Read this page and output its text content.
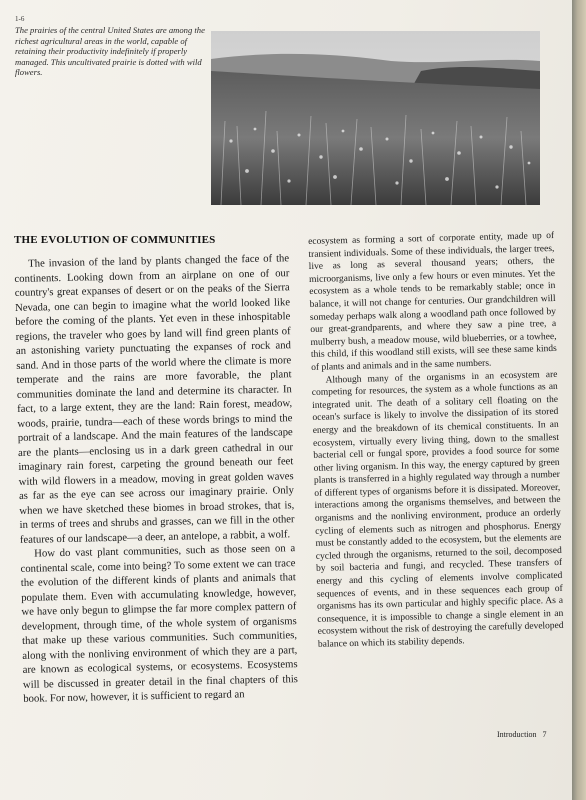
1-6
The prairies of the central United States are among the richest agricultural areas in the world, capable of retaining their productivity indefinitely if properly managed. This uncultivated prairie is dotted with wild flowers.
THE EVOLUTION OF COMMUNITIES

The invasion of the land by plants changed the face of the continents. Looking down from an airplane on one of our country's great expanses of desert or on the peaks of the Sierra Nevada, one can begin to imagine what the world looked like before the coming of the plants. Yet even in these inhospitable regions, the traveler who goes by land will find green plants of an astonishing variety punctuating the expanses of rock and sand. And in those parts of the world where the climate is more temperate and the rains are more favorable, the plant communities dominate the land and determine its character. In fact, to a large extent, they are the land: Rain forest, meadow, woods, prairie, tundra—each of these words brings to mind the portrait of a landscape. And the main features of the landscape are the plants—enclosing us in a dark green cathedral in our imaginary rain forest, carpeting the ground beneath our feet with wild flowers in a meadow, moving in great golden waves as far as the eye can see across our imaginary prairie. Only when we have sketched these biomes in broad strokes, that is, in terms of trees and shrubs and grasses, can we fill in the other features of our landscape—a deer, an antelope, a rabbit, a wolf.

How do vast plant communities, such as those seen on a continental scale, come into being? To some extent we can trace the evolution of the different kinds of plants and animals that populate them. Even with accumulating knowledge, however, we have only begun to glimpse the far more complex pattern of development, through time, of the whole system of organisms that make up these various communities. Such communities, along with the nonliving environment of which they are a part, are known as ecological systems, or ecosystems. Ecosystems will be discussed in greater detail in the final chapters of this book. For now, however, it is sufficient to regard an

ecosystem as forming a sort of corporate entity, made up of transient individuals. Some of these individuals, the larger trees, live as long as several thousand years; others, the microorganisms, live only a few hours or even minutes. Yet the ecosystem as a whole tends to be remarkably stable; once in balance, it will not change for centuries. Our grandchildren will someday perhaps walk along a woodland path once followed by our great-grandparents, and where they saw a pine tree, a mulberry bush, a meadow mouse, wild blueberries, or a towhee, this child, if this woodland still exists, will see these same kinds of plants and animals and in the same numbers.

Although many of the organisms in an ecosystem are competing for resources, the system as a whole functions as an integrated unit. The death of a solitary cell floating on the ocean's surface is likely to involve the dissipation of its stored energy and the breakdown of its chemical constituents. In an ecosystem, virtually every living thing, down to the smallest bacterial cell or fungal spore, provides a food source for some other living organism. In this way, the energy captured by green plants is transferred in a highly regulated way through a number of different types of organisms before it is dissipated. Moreover, interactions among the organisms themselves, and between the organisms and the nonliving environment, produce an orderly cycling of elements such as nitrogen and phosphorus. Energy must be constantly added to the ecosystem, but the elements are cycled through the organisms, returned to the soil, decomposed by soil bacteria and fungi, and recycled. These transfers of energy and this cycling of elements involve complicated sequences of events, and in these sequences each group of organisms has its own particular and highly specific place. As a consequence, it is impossible to change a single element in an ecosystem without the risk of destroying the carefully developed balance on which its stability depends.

Introduction 7
